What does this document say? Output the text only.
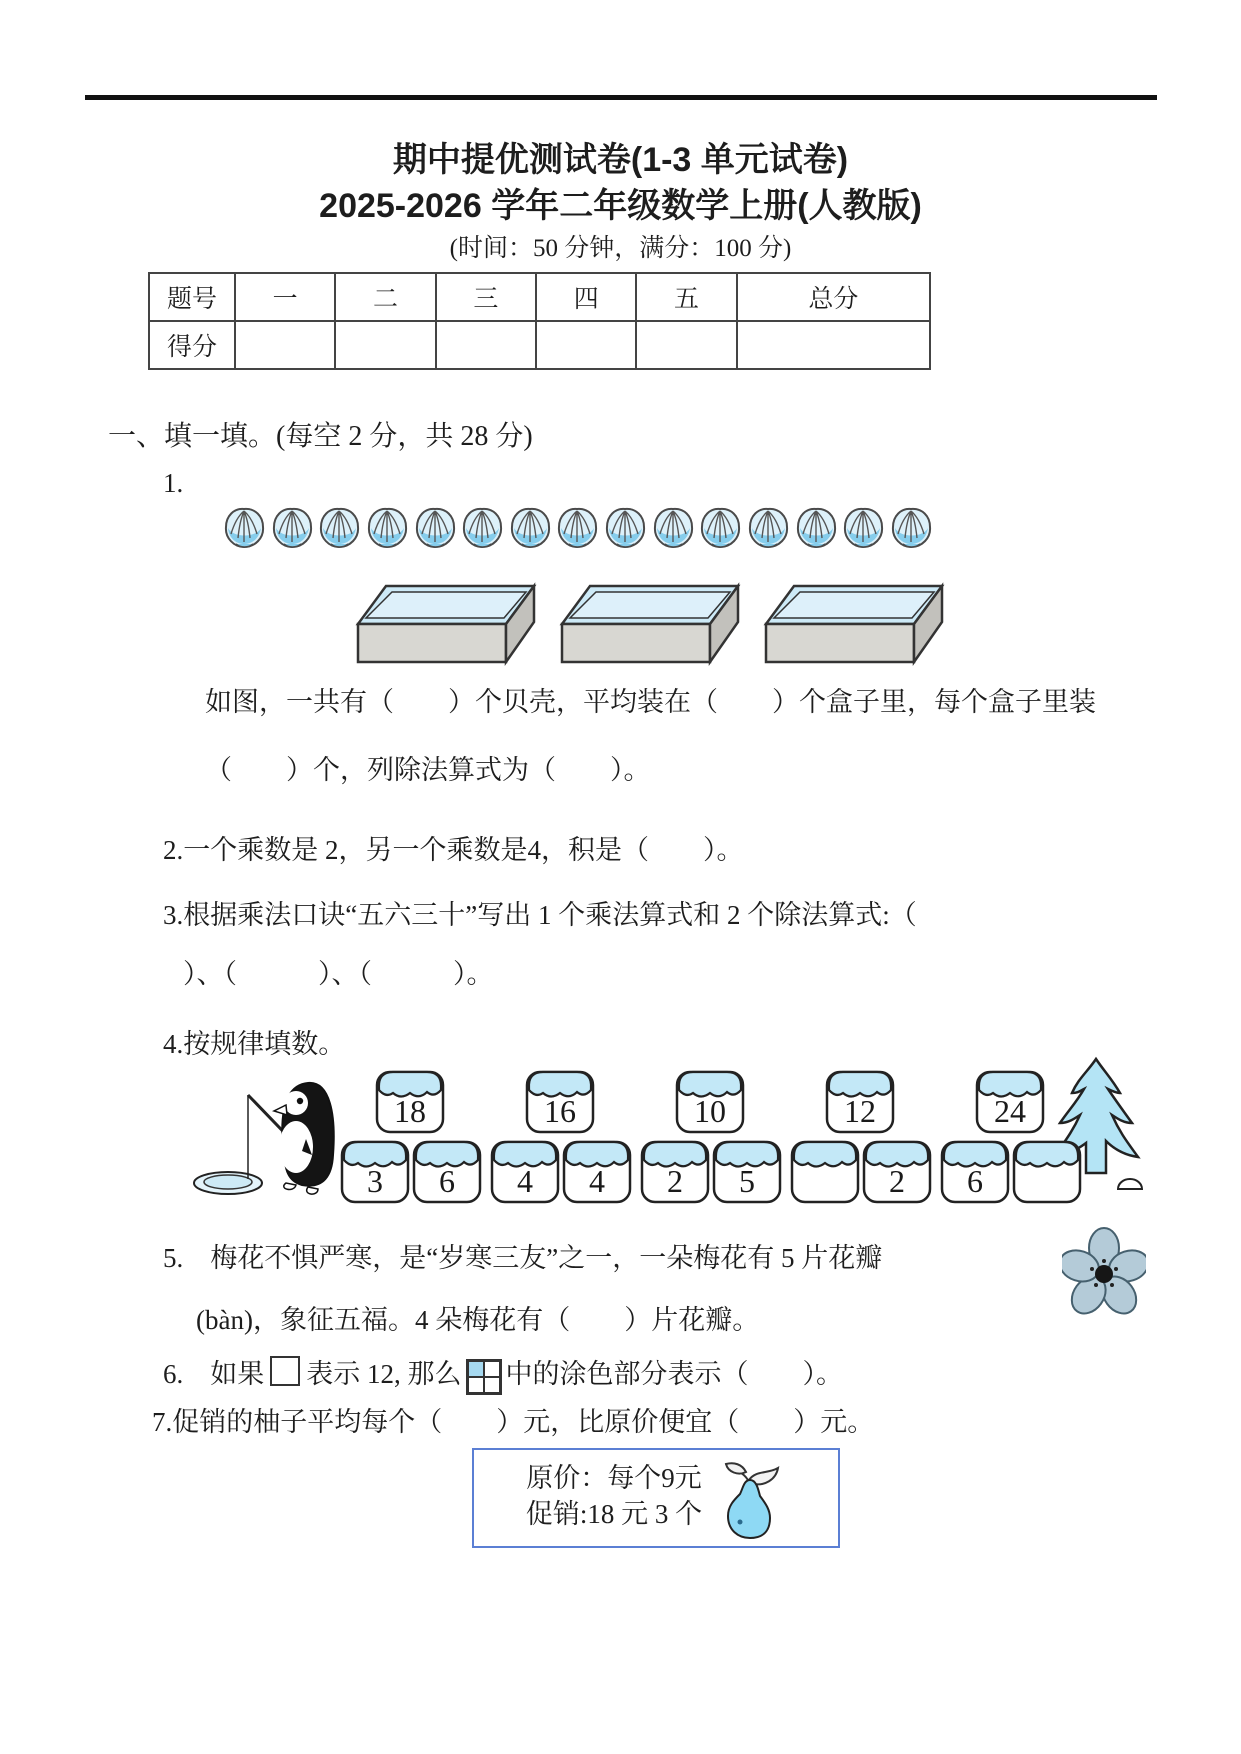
期中提优测试卷(1-3 单元试卷)
2025-2026 学年二年级数学上册(人教版)
(时间：50 分钟，满分：100 分)
题号	一	二	三	四	五	总分
得分						
一、填一填。(每空 2 分，共 28 分)
1.
如图，一共有（　　）个贝壳，平均装在（　　）个盒子里，每个盒子里装
（　　）个，列除法算式为（　　）。
2.一个乘数是 2，另一个乘数是4，积是（　　）。
3.根据乘法口诀“五六三十”写出 1 个乘法算式和 2 个除法算式:（
）、（　　　）、（　　　）。
4.按规律填数。
18
3 6
16
4 4
10
2 5
12
2
24
6
5.　梅花不惧严寒，是“岁寒三友”之一，一朵梅花有 5 片花瓣
(bàn)，象征五福。4 朵梅花有（　　）片花瓣。
6.　如果 表示 12, 那么 中的涂色部分表示（　　）。
7.促销的柚子平均每个（　　）元，比原价便宜（　　）元。
原价：每个9元
促销:18 元 3 个
